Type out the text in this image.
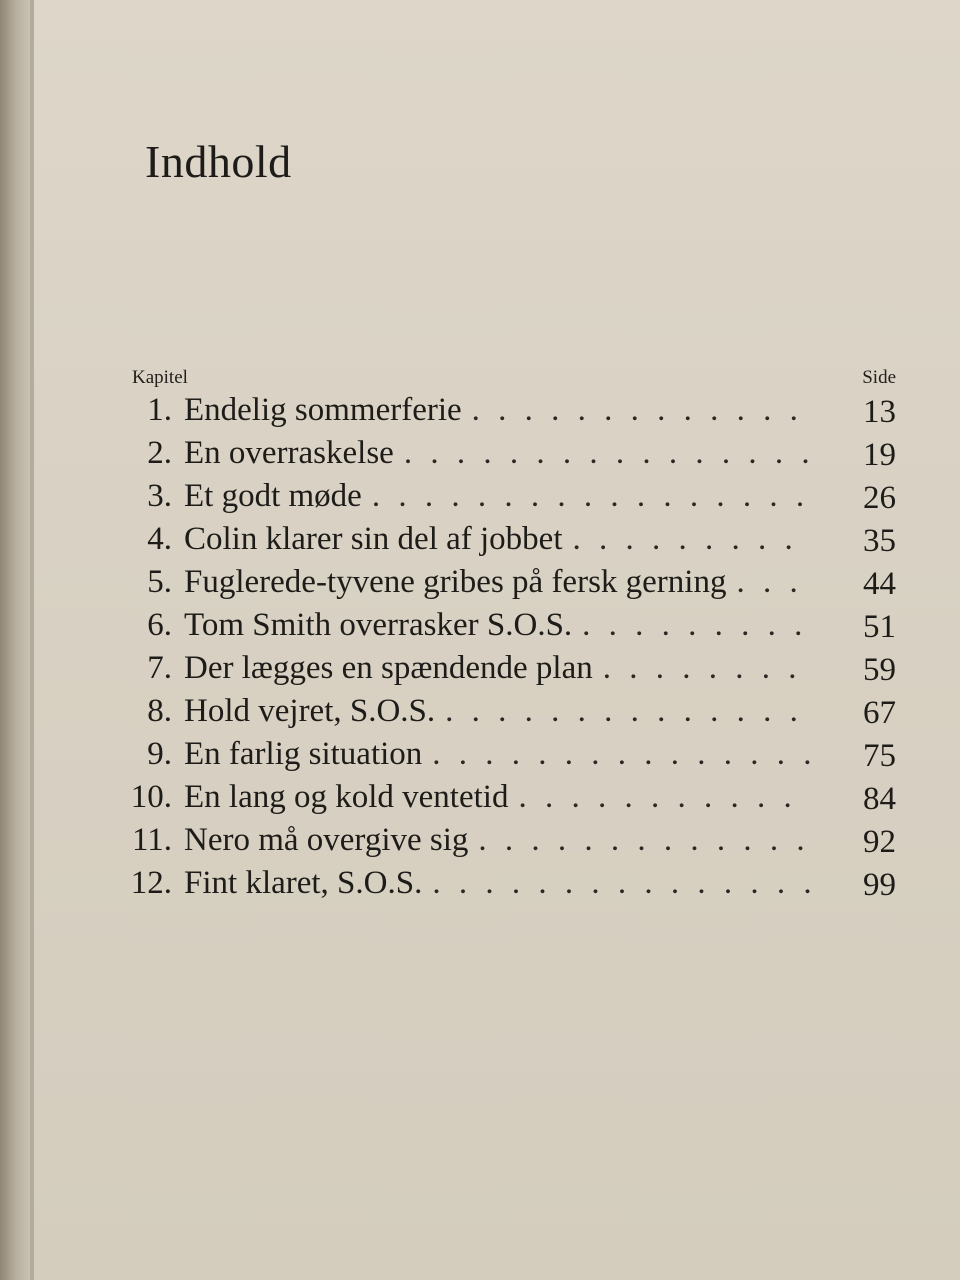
Indhold
Kapitel	Side
1. Endelig sommerferie . . .	13
2. En overraskelse . . .	19
3. Et godt møde . . .	26
4. Colin klarer sin del af jobbet . . .	35
5. Fuglerede-tyvene gribes på fersk gerning . . .	44
6. Tom Smith overrasker S.O.S. . . .	51
7. Der lægges en spændende plan . . .	59
8. Hold vejret, S.O.S. . . .	67
9. En farlig situation . . .	75
10. En lang og kold ventetid . . .	84
11. Nero må overgive sig . . .	92
12. Fint klaret, S.O.S. . . .	99
